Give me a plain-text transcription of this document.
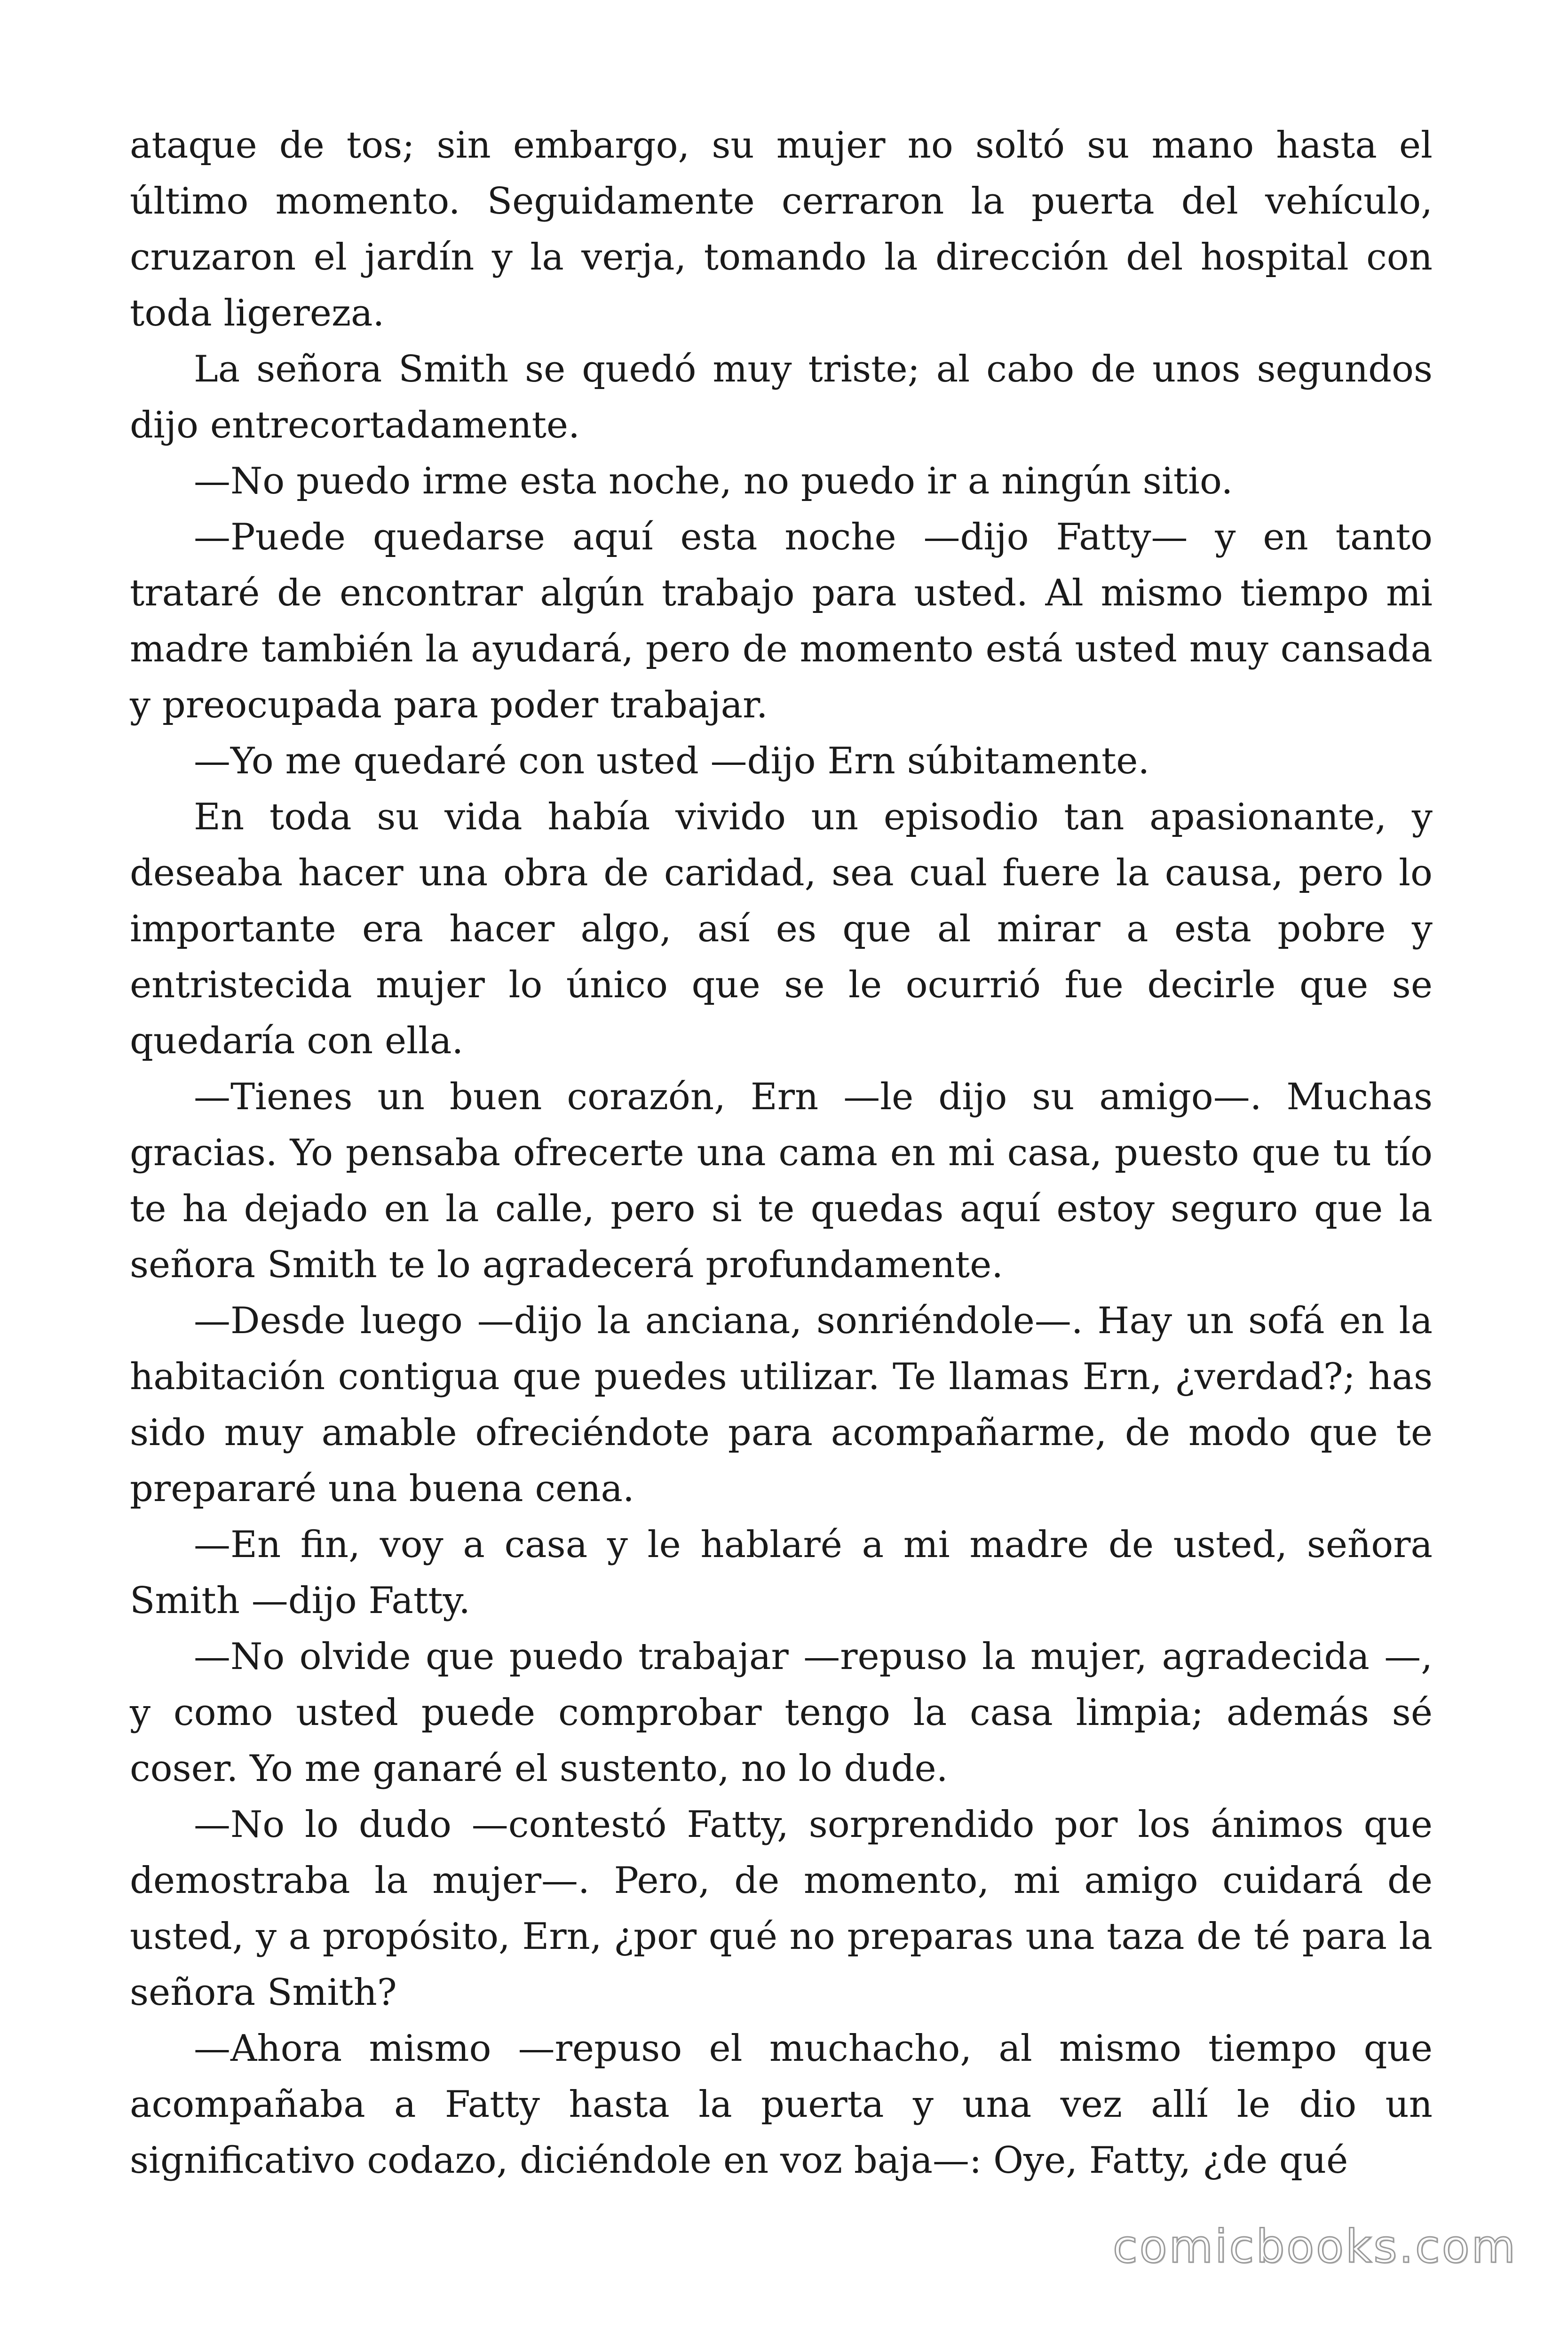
ataque de tos; sin embargo, su mujer no soltó su mano hasta el último momento. Seguidamente cerraron la puerta del vehículo, cruzaron el jardín y la verja, tomando la dirección del hospital con toda ligereza.

La señora Smith se quedó muy triste; al cabo de unos segundos dijo entrecortadamente.

—No puedo irme esta noche, no puedo ir a ningún sitio.

—Puede quedarse aquí esta noche —dijo Fatty— y en tanto trataré de encontrar algún trabajo para usted. Al mismo tiempo mi madre también la ayudará, pero de momento está usted muy cansada y preocupada para poder trabajar.

—Yo me quedaré con usted —dijo Ern súbitamente.

En toda su vida había vivido un episodio tan apasionante, y deseaba hacer una obra de caridad, sea cual fuere la causa, pero lo importante era hacer algo, así es que al mirar a esta pobre y entristecida mujer lo único que se le ocurrió fue decirle que se quedaría con ella.

—Tienes un buen corazón, Ern —le dijo su amigo—. Muchas gracias. Yo pensaba ofrecerte una cama en mi casa, puesto que tu tío te ha dejado en la calle, pero si te quedas aquí estoy seguro que la señora Smith te lo agradecerá profundamente.

—Desde luego —dijo la anciana, sonriéndole—. Hay un sofá en la habitación contigua que puedes utilizar. Te llamas Ern, ¿verdad?; has sido muy amable ofreciéndote para acompañarme, de modo que te prepararé una buena cena.

—En fin, voy a casa y le hablaré a mi madre de usted, señora Smith —dijo Fatty.

—No olvide que puedo trabajar —repuso la mujer, agradecida —, y como usted puede comprobar tengo la casa limpia; además sé coser. Yo me ganaré el sustento, no lo dude.

—No lo dudo —contestó Fatty, sorprendido por los ánimos que demostraba la mujer—. Pero, de momento, mi amigo cuidará de usted, y a propósito, Ern, ¿por qué no preparas una taza de té para la señora Smith?

—Ahora mismo —repuso el muchacho, al mismo tiempo que acompañaba a Fatty hasta la puerta y una vez allí le dio un significativo codazo, diciéndole en voz baja—: Oye, Fatty, ¿de qué

comicbooks.com
